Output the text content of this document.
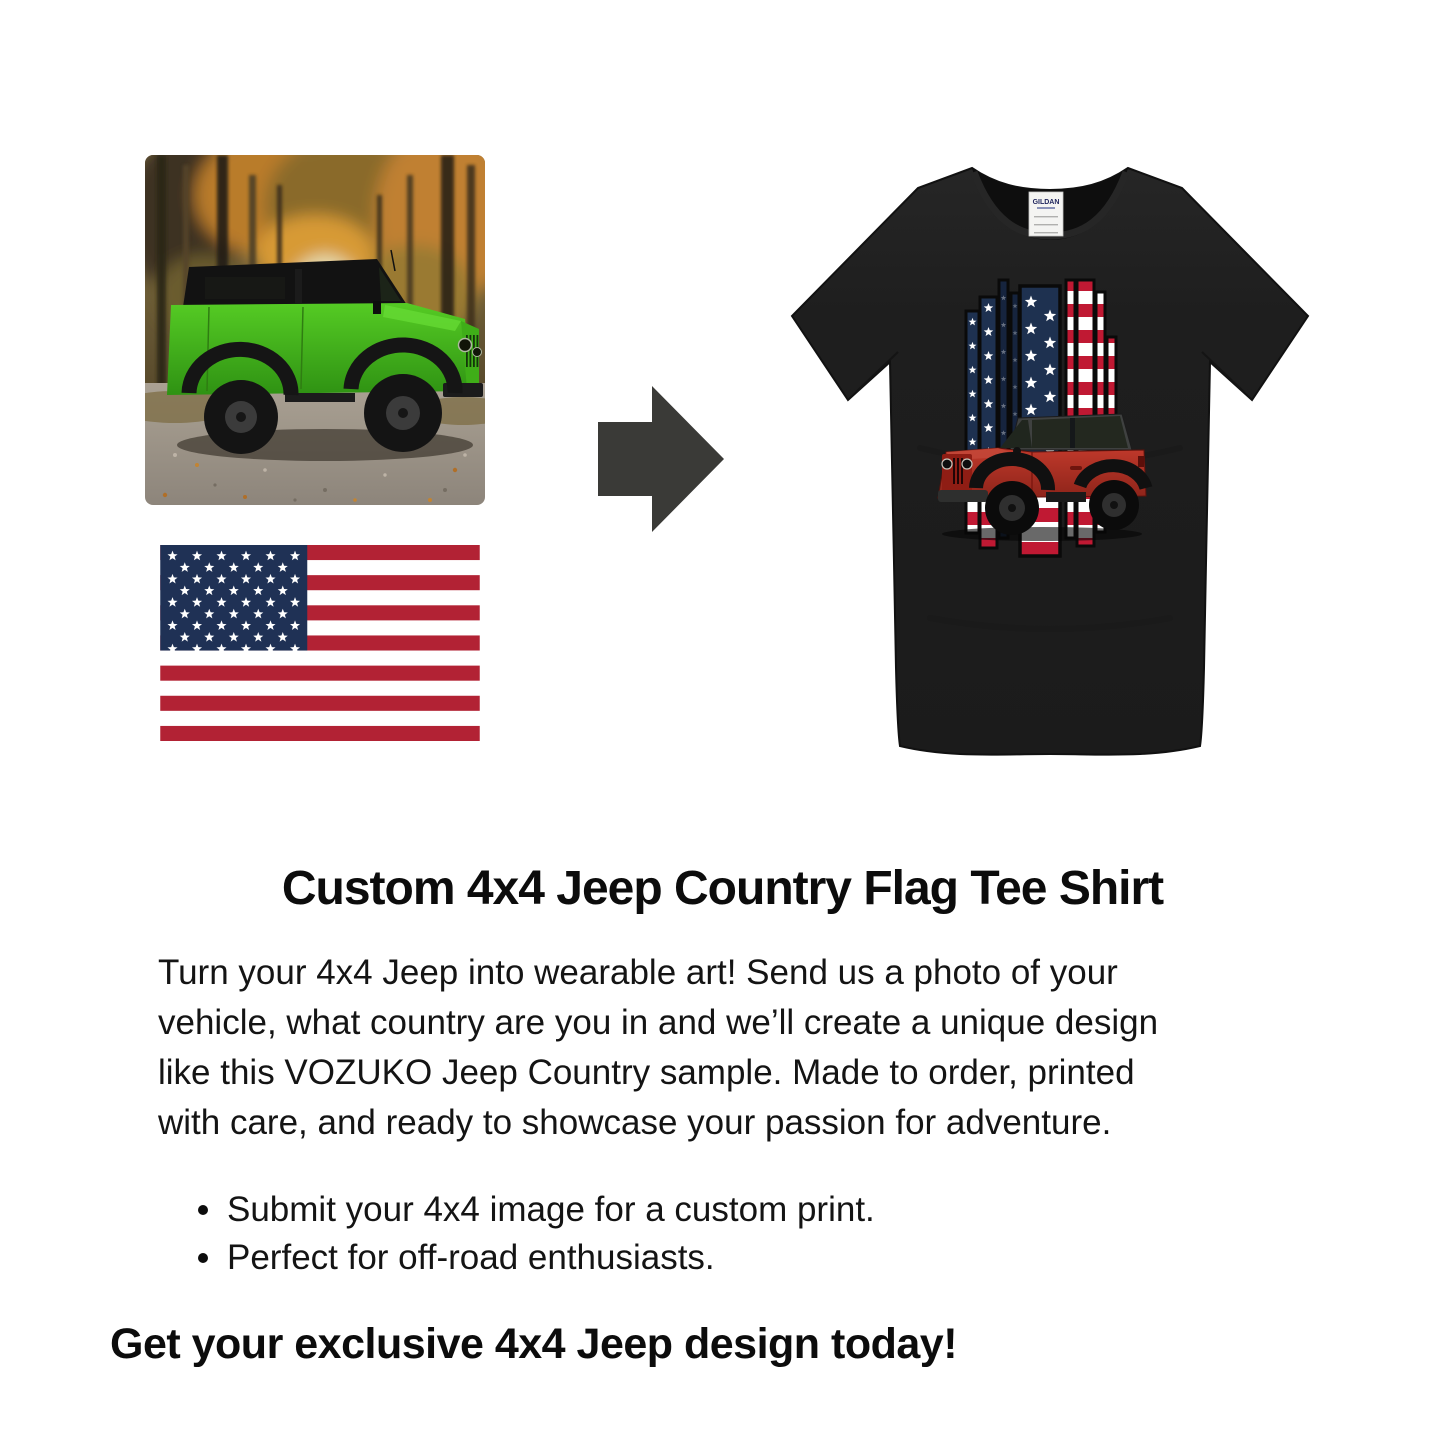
GILDAN
Custom 4x4 Jeep Country Flag Tee Shirt
Turn your 4x4 Jeep into wearable art! Send us a photo of your
vehicle, what country are you in and we’ll create a unique design
like this VOZUKO Jeep Country sample. Made to order, printed
with care, and ready to showcase your passion for adventure.
Submit your 4x4 image for a custom print.
Perfect for off-road enthusiasts.
Get your exclusive 4x4 Jeep design today!
